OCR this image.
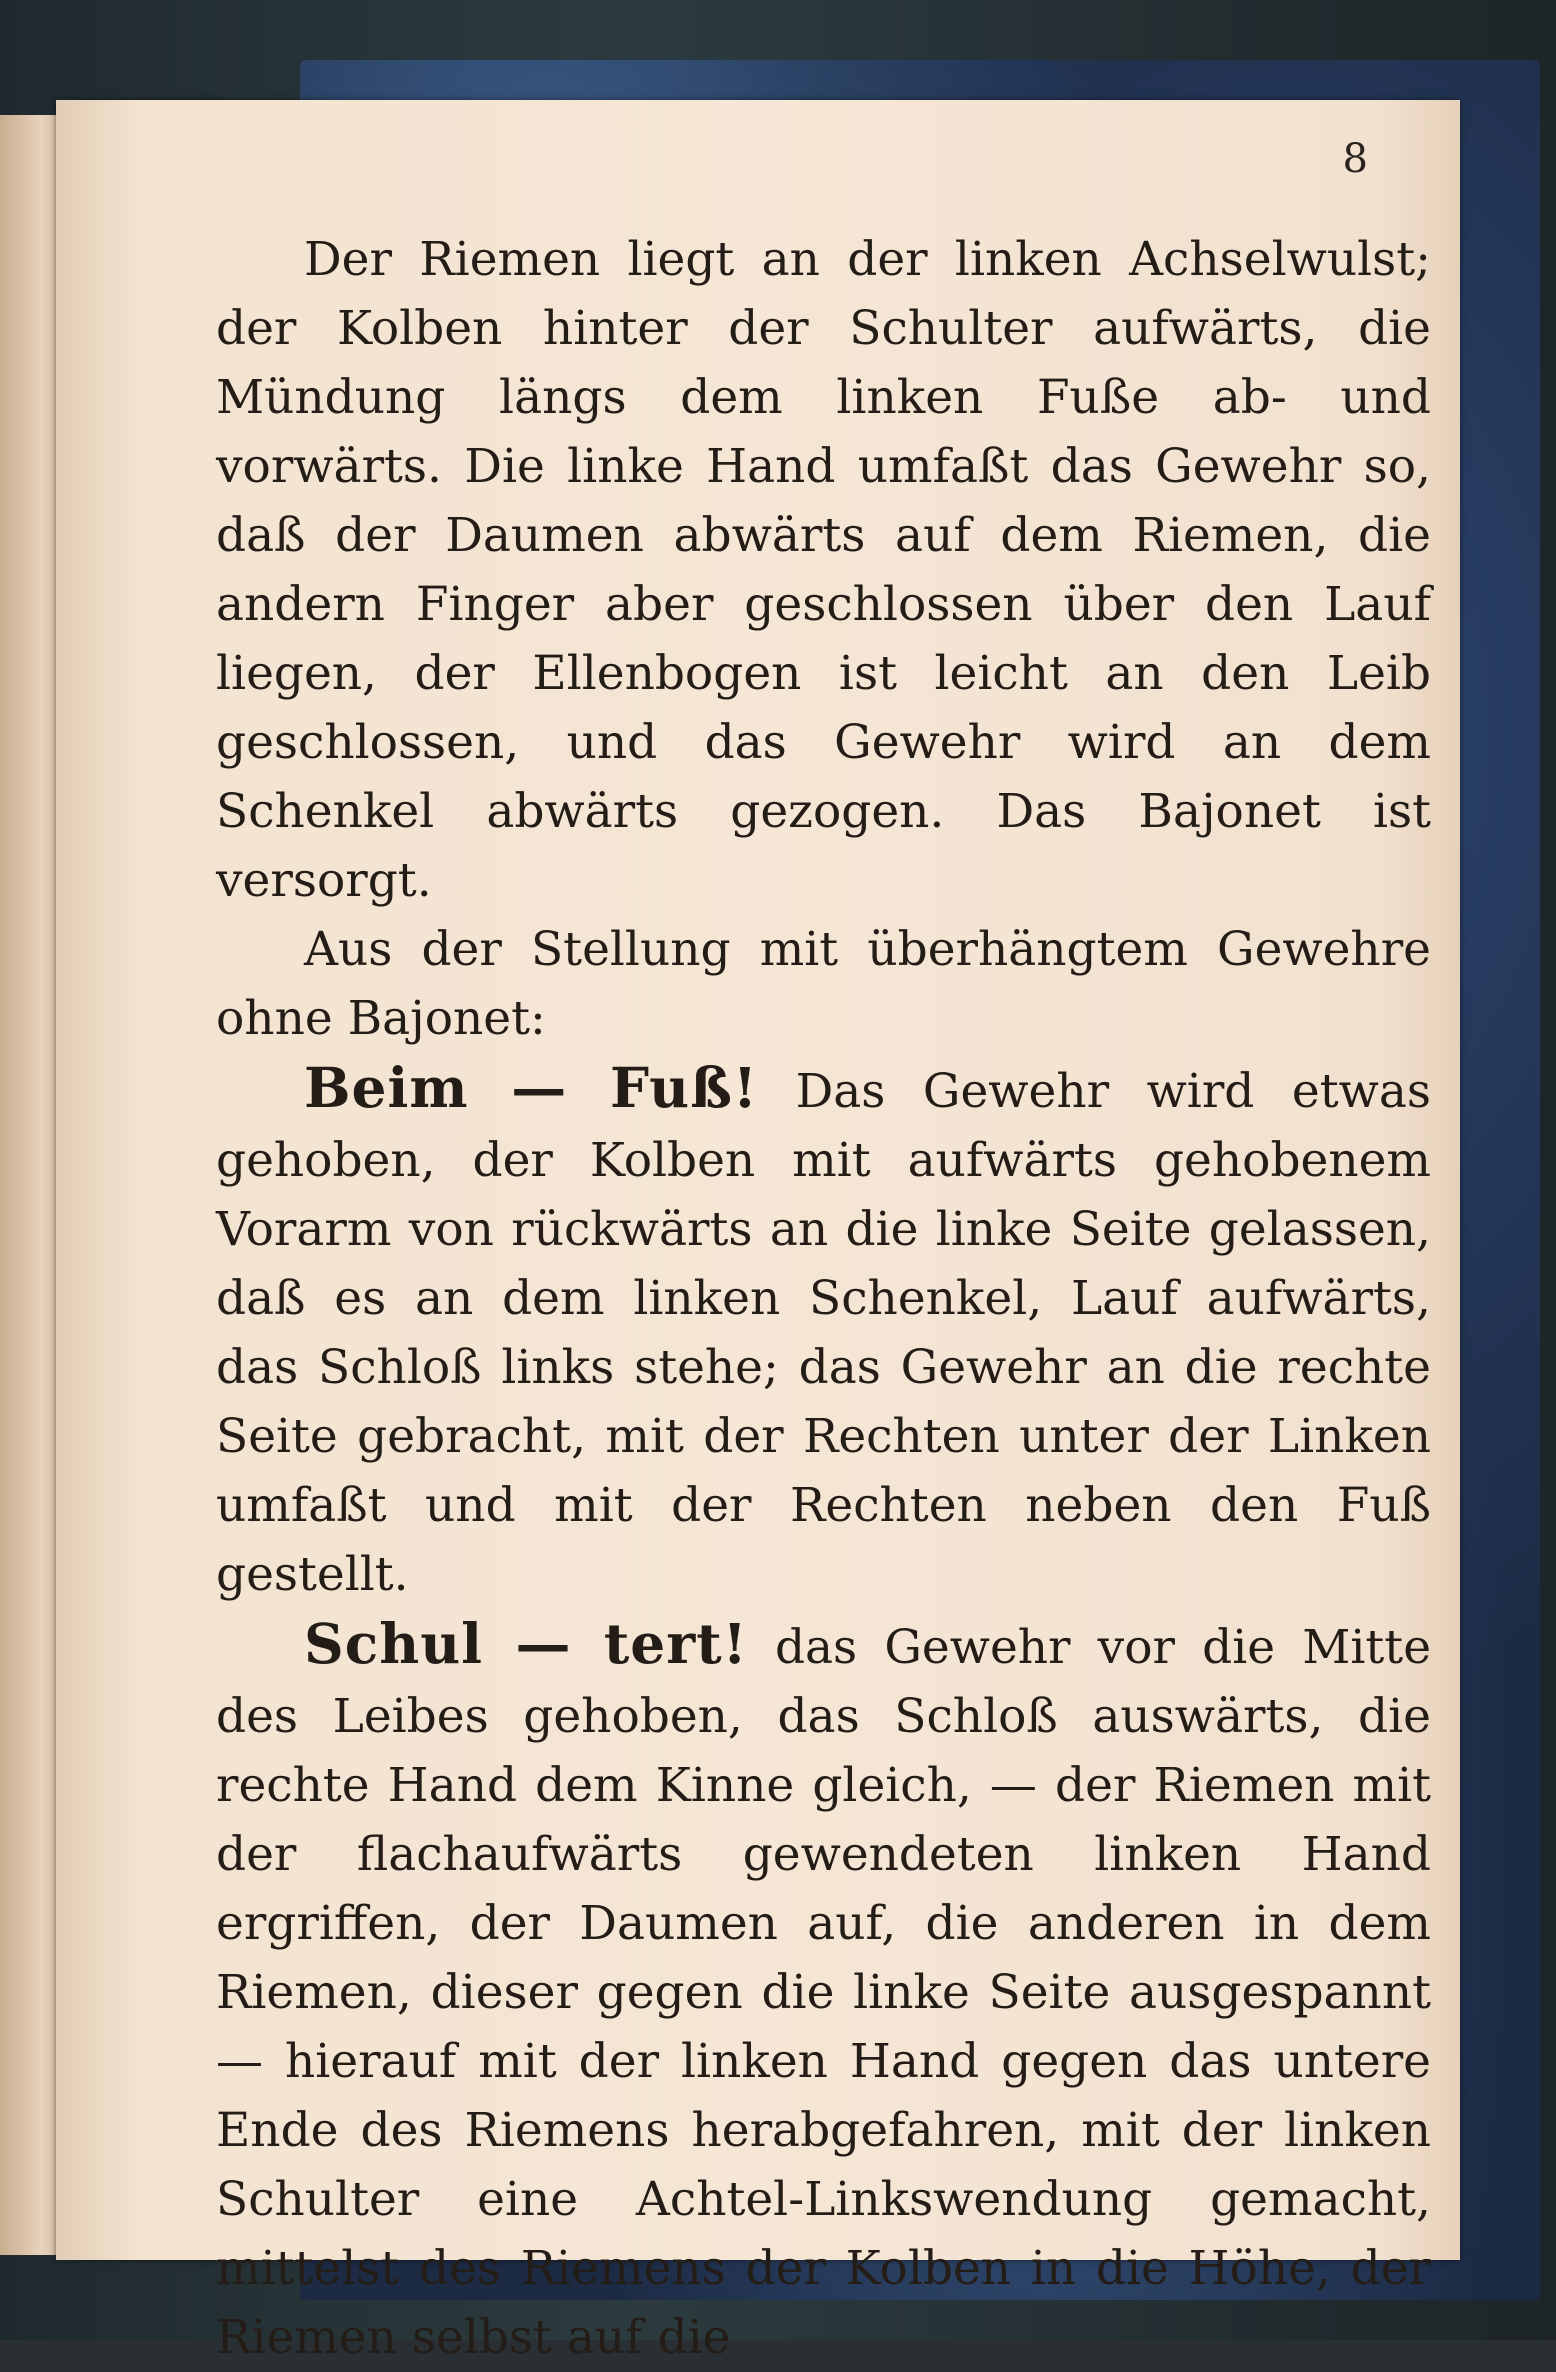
8

Der Riemen liegt an der linken Achselwulst; der Kolben hinter der Schulter aufwärts, die Mündung längs dem linken Fuße ab- und vorwärts. Die linke Hand umfaßt das Gewehr so, daß der Daumen abwärts auf dem Riemen, die andern Finger aber geschlossen über den Lauf liegen, der Ellenbogen ist leicht an den Leib geschlossen, und das Gewehr wird an dem Schenkel abwärts gezogen. Das Bajonet ist versorgt.

Aus der Stellung mit überhängtem Gewehre ohne Bajonet:

Beim — Fuß! Das Gewehr wird etwas gehoben, der Kolben mit aufwärts gehobenem Vorarm von rückwärts an die linke Seite gelassen, daß es an dem linken Schenkel, Lauf aufwärts, das Schloß links stehe; das Gewehr an die rechte Seite gebracht, mit der Rechten unter der Linken umfaßt und mit der Rechten neben den Fuß gestellt.

Schul — tert! das Gewehr vor die Mitte des Leibes gehoben, das Schloß auswärts, die rechte Hand dem Kinne gleich, — der Riemen mit der flachaufwärts gewendeten linken Hand ergriffen, der Daumen auf, die anderen in dem Riemen, dieser gegen die linke Seite ausgespannt — hierauf mit der linken Hand gegen das untere Ende des Riemens herabgefahren, mit der linken Schulter eine Achtel-Linkswendung gemacht, mittelst des Riemens der Kolben in die Höhe, der Riemen selbst auf die
